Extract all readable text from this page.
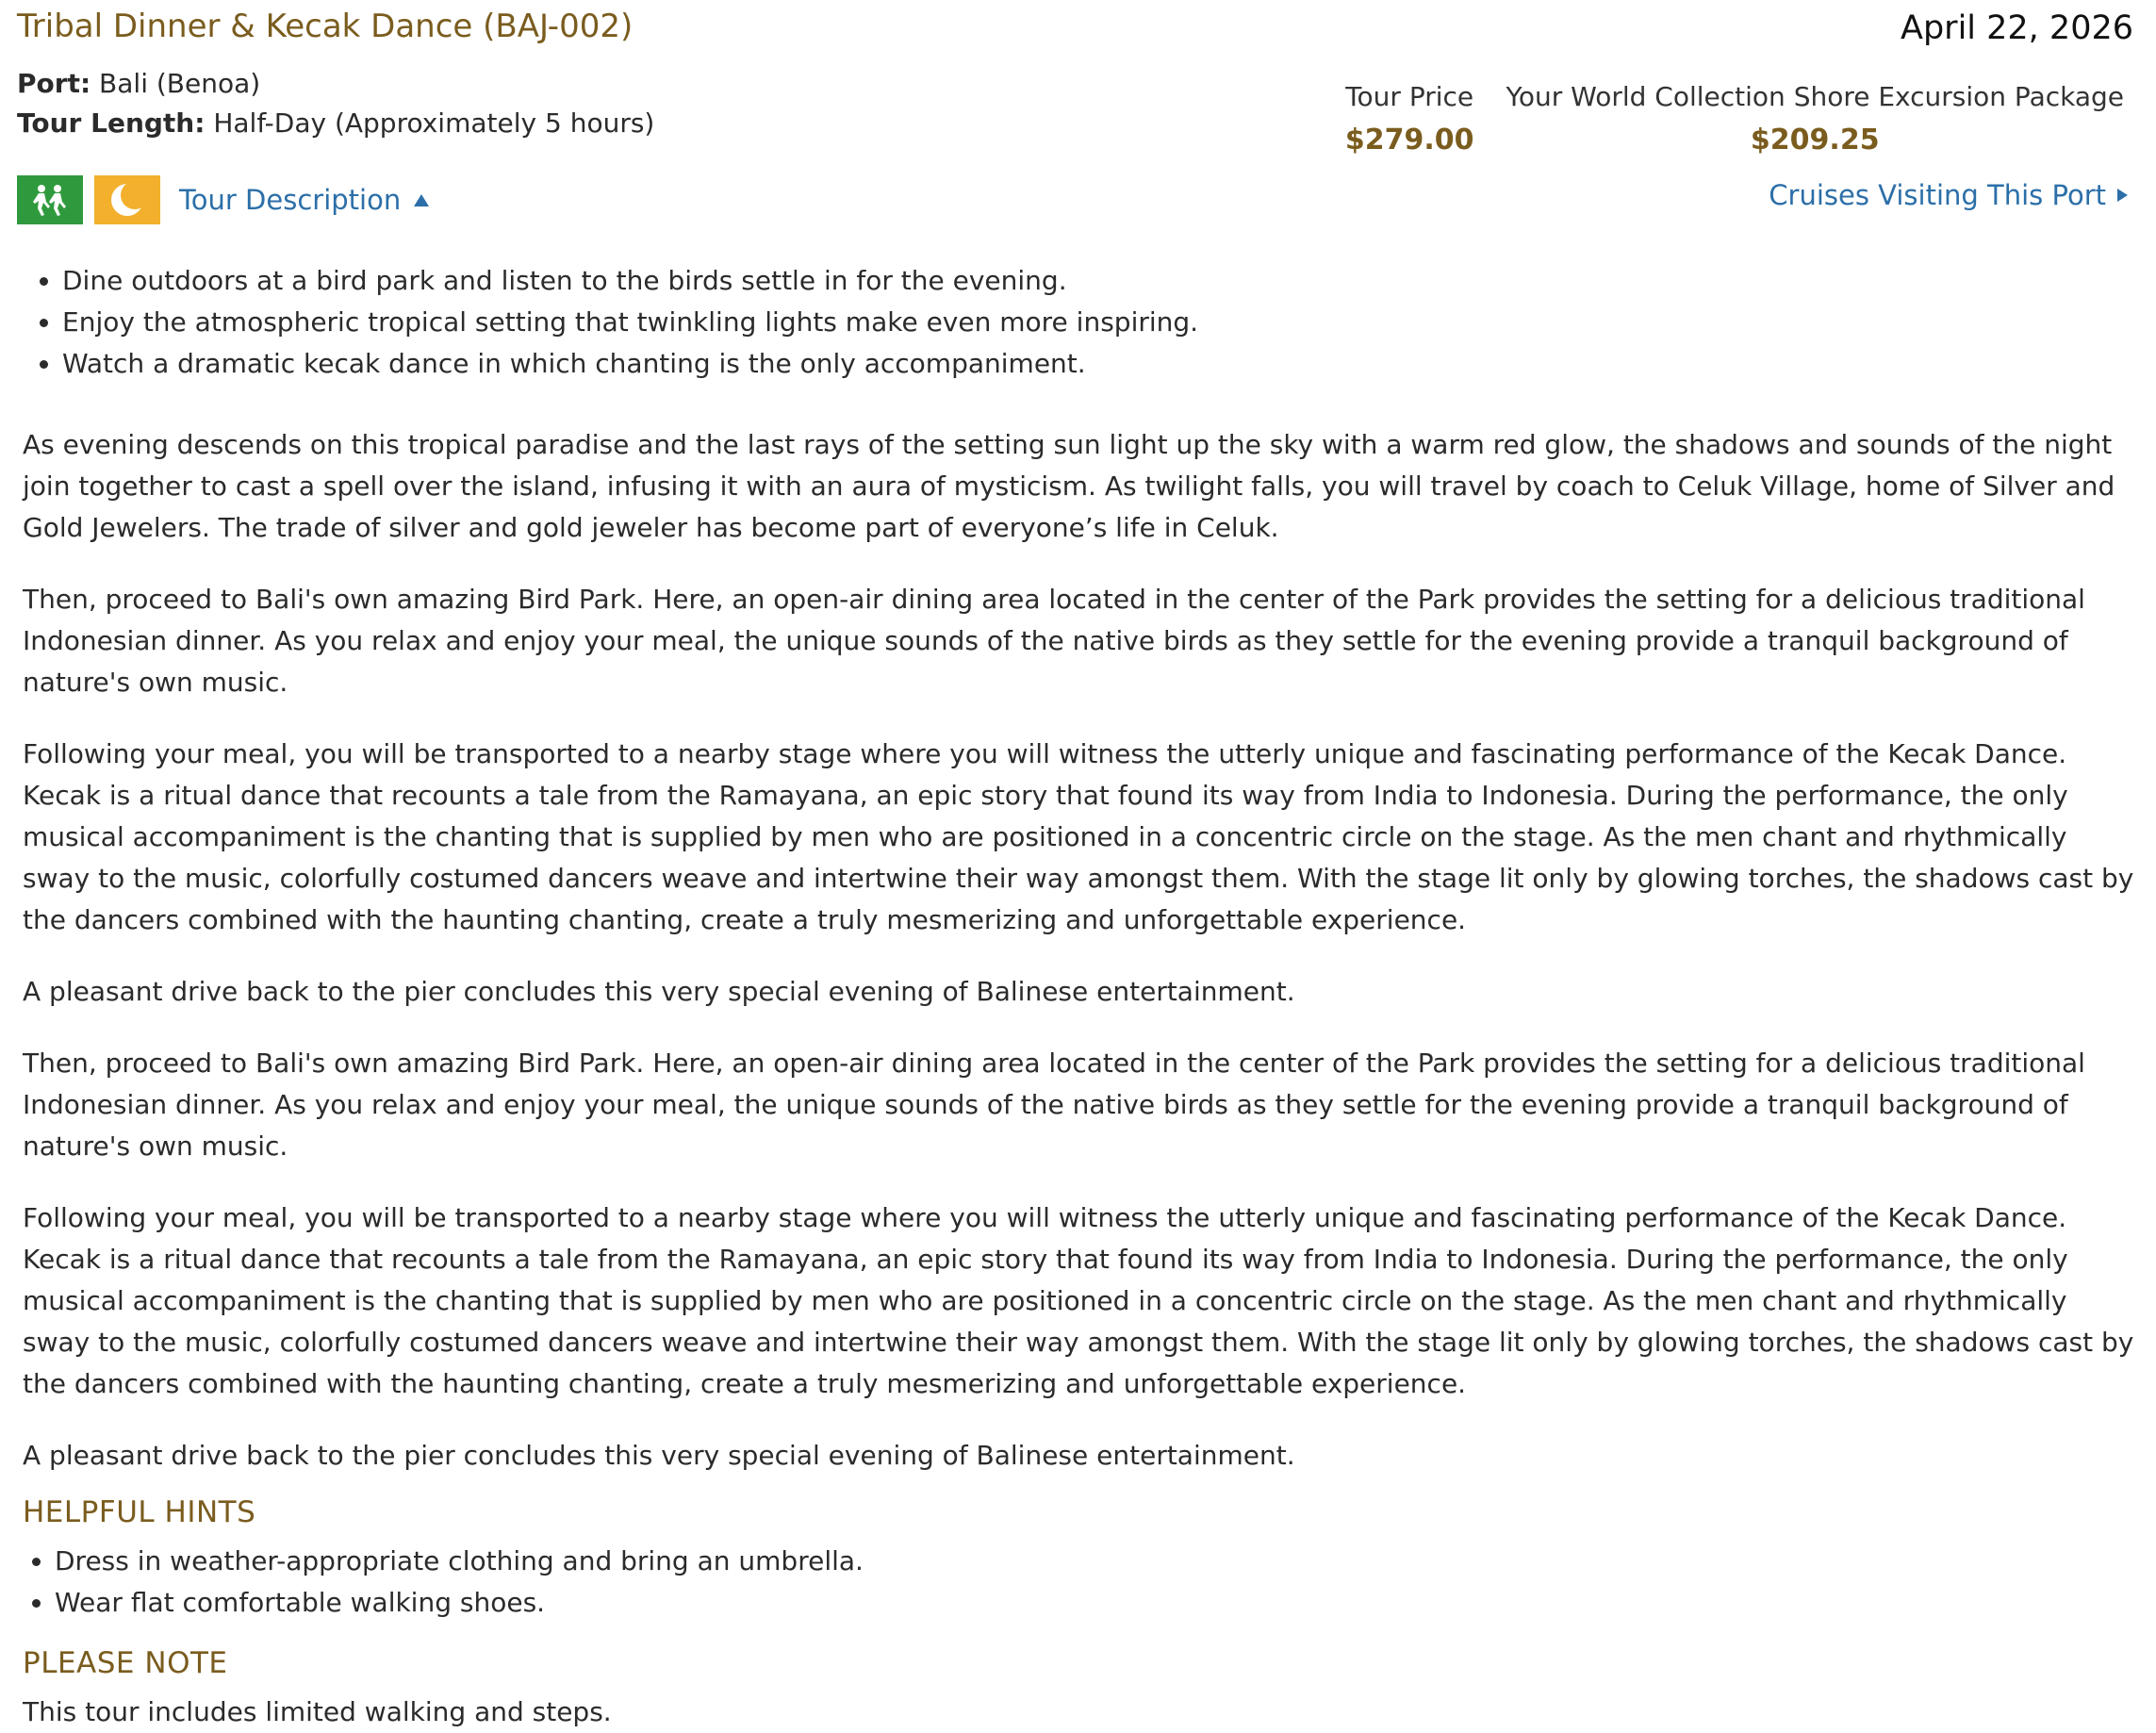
Tribal Dinner & Kecak Dance (BAJ-002)	April 22, 2026
Port: Bali (Benoa)
Tour Length: Half-Day (Approximately 5 hours)
Tour Price
$279.00
Your World Collection Shore Excursion Package
$209.25
Tour Description	Cruises Visiting This Port
• Dine outdoors at a bird park and listen to the birds settle in for the evening.
• Enjoy the atmospheric tropical setting that twinkling lights make even more inspiring.
• Watch a dramatic kecak dance in which chanting is the only accompaniment.

As evening descends on this tropical paradise and the last rays of the setting sun light up the sky with a warm red glow, the shadows and sounds of the night join together to cast a spell over the island, infusing it with an aura of mysticism. As twilight falls, you will travel by coach to Celuk Village, home of Silver and Gold Jewelers. The trade of silver and gold jeweler has become part of everyone’s life in Celuk.

Then, proceed to Bali's own amazing Bird Park. Here, an open-air dining area located in the center of the Park provides the setting for a delicious traditional Indonesian dinner. As you relax and enjoy your meal, the unique sounds of the native birds as they settle for the evening provide a tranquil background of nature's own music.

Following your meal, you will be transported to a nearby stage where you will witness the utterly unique and fascinating performance of the Kecak Dance. Kecak is a ritual dance that recounts a tale from the Ramayana, an epic story that found its way from India to Indonesia. During the performance, the only musical accompaniment is the chanting that is supplied by men who are positioned in a concentric circle on the stage. As the men chant and rhythmically sway to the music, colorfully costumed dancers weave and intertwine their way amongst them. With the stage lit only by glowing torches, the shadows cast by the dancers combined with the haunting chanting, create a truly mesmerizing and unforgettable experience.

A pleasant drive back to the pier concludes this very special evening of Balinese entertainment.

Then, proceed to Bali's own amazing Bird Park. Here, an open-air dining area located in the center of the Park provides the setting for a delicious traditional Indonesian dinner. As you relax and enjoy your meal, the unique sounds of the native birds as they settle for the evening provide a tranquil background of nature's own music.

Following your meal, you will be transported to a nearby stage where you will witness the utterly unique and fascinating performance of the Kecak Dance. Kecak is a ritual dance that recounts a tale from the Ramayana, an epic story that found its way from India to Indonesia. During the performance, the only musical accompaniment is the chanting that is supplied by men who are positioned in a concentric circle on the stage. As the men chant and rhythmically sway to the music, colorfully costumed dancers weave and intertwine their way amongst them. With the stage lit only by glowing torches, the shadows cast by the dancers combined with the haunting chanting, create a truly mesmerizing and unforgettable experience.

A pleasant drive back to the pier concludes this very special evening of Balinese entertainment.

HELPFUL HINTS
• Dress in weather-appropriate clothing and bring an umbrella.
• Wear flat comfortable walking shoes.
PLEASE NOTE

This tour includes limited walking and steps.
